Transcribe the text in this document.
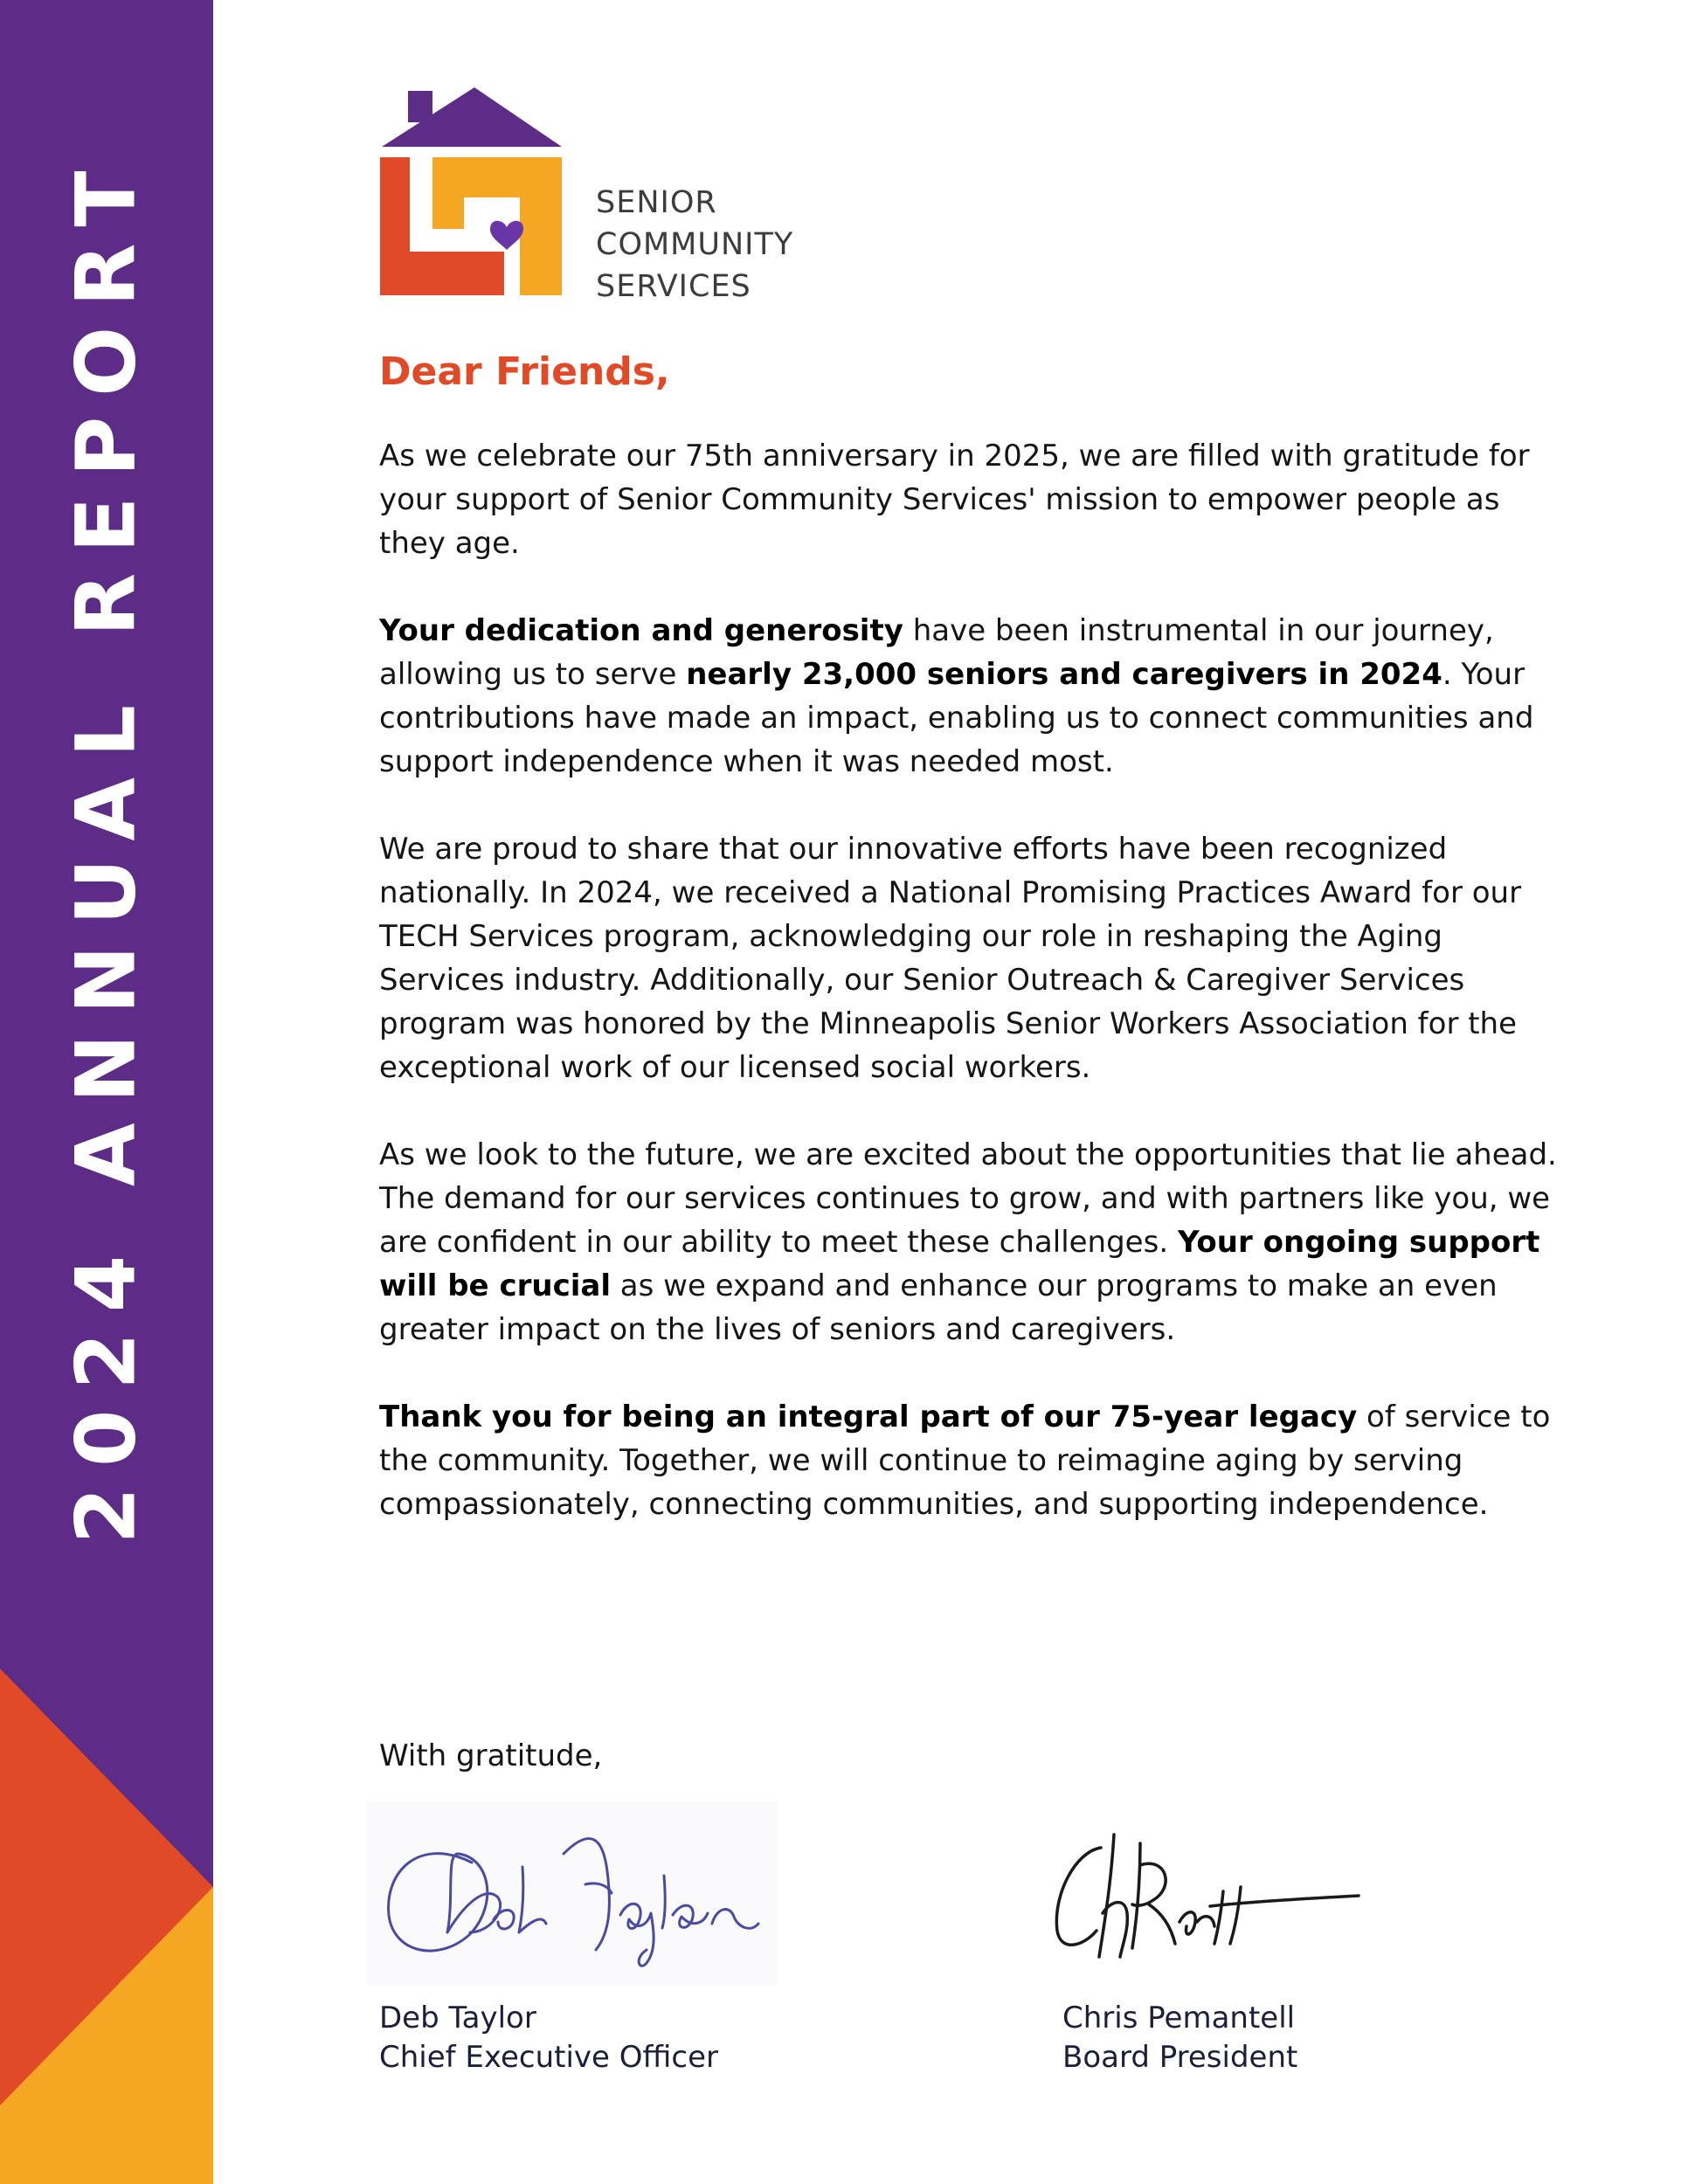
2024 ANNUAL REPORT	SENIOR
COMMUNITY
SERVICES
Dear Friends,

As we celebrate our 75th anniversary in 2025, we are filled with gratitude for your support of Senior Community Services' mission to empower people as they age.

Your dedication and generosity have been instrumental in our journey, allowing us to serve nearly 23,000 seniors and caregivers in 2024. Your contributions have made an impact, enabling us to connect communities and support independence when it was needed most.

We are proud to share that our innovative efforts have been recognized nationally. In 2024, we received a National Promising Practices Award for our TECH Services program, acknowledging our role in reshaping the Aging Services industry. Additionally, our Senior Outreach & Caregiver Services program was honored by the Minneapolis Senior Workers Association for the exceptional work of our licensed social workers.

As we look to the future, we are excited about the opportunities that lie ahead. The demand for our services continues to grow, and with partners like you, we are confident in our ability to meet these challenges. Your ongoing support will be crucial as we expand and enhance our programs to make an even greater impact on the lives of seniors and caregivers.

Thank you for being an integral part of our 75-year legacy of service to the community. Together, we will continue to reimagine aging by serving compassionately, connecting communities, and supporting independence.

With gratitude,
Deb Taylor
Chief Executive Officer
Chris Pemantell
Board President
